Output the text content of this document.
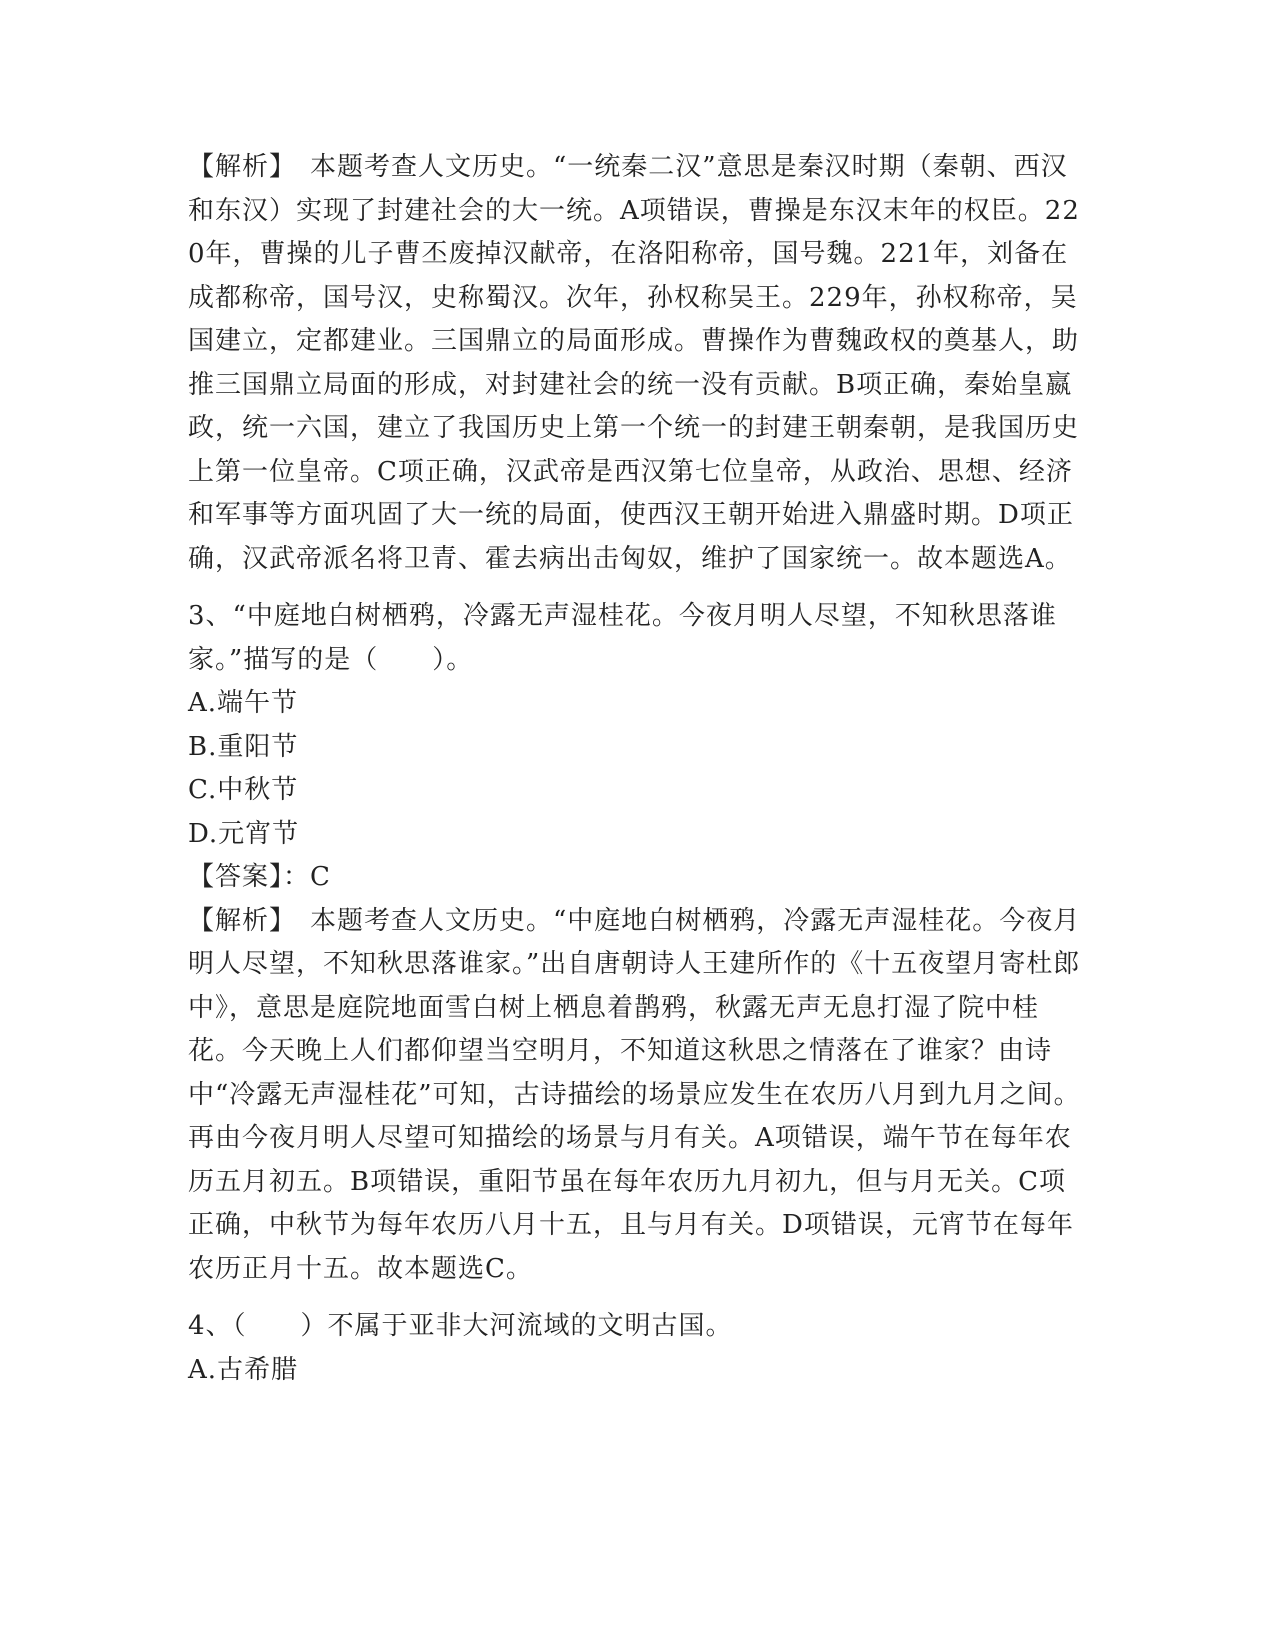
【解析】　本题考查人文历史。“一统秦二汉”意思是秦汉时期（秦朝、西汉和东汉）实现了封建社会的大一统。A项错误，曹操是东汉末年的权臣。220年，曹操的儿子曹丕废掉汉献帝，在洛阳称帝，国号魏。221年，刘备在成都称帝，国号汉，史称蜀汉。次年，孙权称吴王。229年，孙权称帝，吴国建立，定都建业。三国鼎立的局面形成。曹操作为曹魏政权的奠基人，助推三国鼎立局面的形成，对封建社会的统一没有贡献。B项正确，秦始皇嬴政，统一六国，建立了我国历史上第一个统一的封建王朝秦朝，是我国历史上第一位皇帝。C项正确，汉武帝是西汉第七位皇帝，从政治、思想、经济和军事等方面巩固了大一统的局面，使西汉王朝开始进入鼎盛时期。D项正确，汉武帝派名将卫青、霍去病出击匈奴，维护了国家统一。故本题选A。

3、“中庭地白树栖鸦，冷露无声湿桂花。今夜月明人尽望，不知秋思落谁家。”描写的是（　　）。

A.端午节

B.重阳节

C.中秋节

D.元宵节

【答案】：C

【解析】　本题考查人文历史。“中庭地白树栖鸦，冷露无声湿桂花。今夜月明人尽望，不知秋思落谁家。”出自唐朝诗人王建所作的《十五夜望月寄杜郎中》，意思是庭院地面雪白树上栖息着鹊鸦，秋露无声无息打湿了院中桂花。今天晚上人们都仰望当空明月，不知道这秋思之情落在了谁家？由诗中“冷露无声湿桂花”可知，古诗描绘的场景应发生在农历八月到九月之间。再由今夜月明人尽望可知描绘的场景与月有关。A项错误，端午节在每年农历五月初五。B项错误，重阳节虽在每年农历九月初九，但与月无关。C项正确，中秋节为每年农历八月十五，且与月有关。D项错误，元宵节在每年农历正月十五。故本题选C。

4、（　　）不属于亚非大河流域的文明古国。

A.古希腊
